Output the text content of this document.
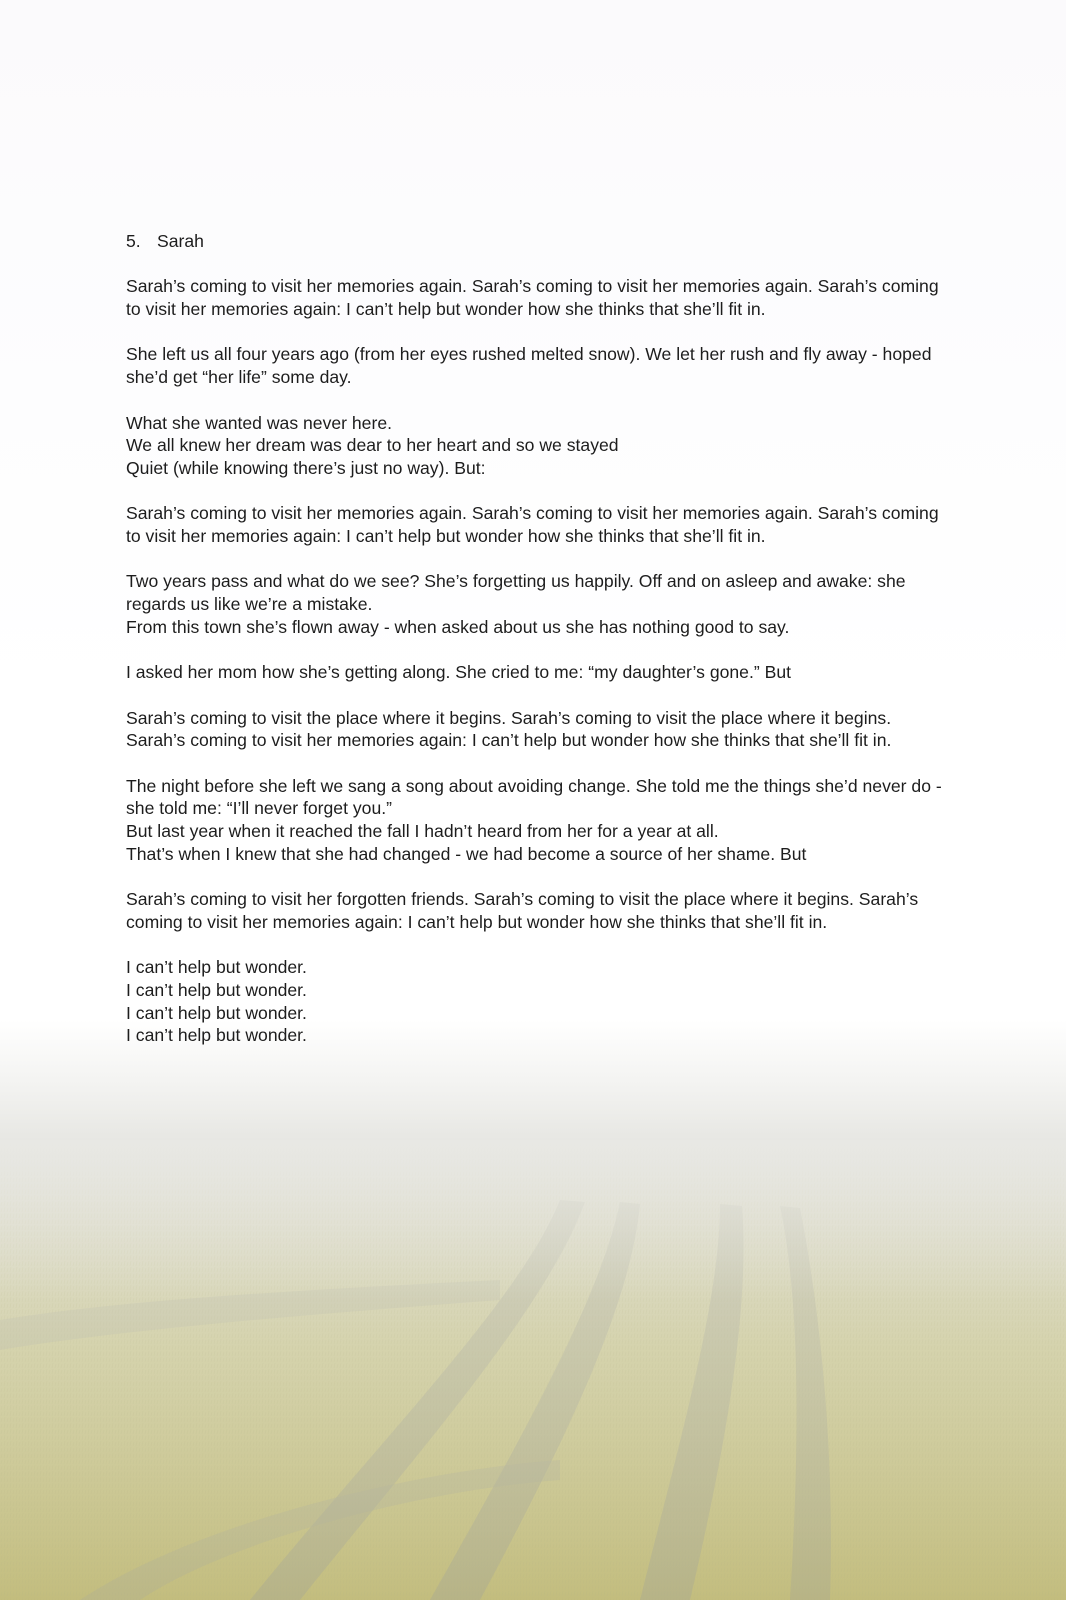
5. Sarah
Sarah’s coming to visit her memories again. Sarah’s coming to visit her memories again. Sarah’s coming to visit her memories again: I can’t help but wonder how she thinks that she’ll fit in.
She left us all four years ago (from her eyes rushed melted snow). We let her rush and fly away - hoped she’d get “her life” some day.
What she wanted was never here.
We all knew her dream was dear to her heart and so we stayed
Quiet (while knowing there’s just no way). But:
Sarah’s coming to visit her memories again. Sarah’s coming to visit her memories again. Sarah’s coming to visit her memories again: I can’t help but wonder how she thinks that she’ll fit in.
Two years pass and what do we see? She’s forgetting us happily. Off and on asleep and awake: she regards us like we’re a mistake.
From this town she’s flown away - when asked about us she has nothing good to say.
I asked her mom how she’s getting along. She cried to me: “my daughter’s gone.” But
Sarah’s coming to visit the place where it begins. Sarah’s coming to visit the place where it begins. Sarah’s coming to visit her memories again: I can’t help but wonder how she thinks that she’ll fit in.
The night before she left we sang a song about avoiding change. She told me the things she’d never do - she told me: “I’ll never forget you.”
But last year when it reached the fall I hadn’t heard from her for a year at all.
That’s when I knew that she had changed - we had become a source of her shame. But
Sarah’s coming to visit her forgotten friends. Sarah’s coming to visit the place where it begins. Sarah’s coming to visit her memories again: I can’t help but wonder how she thinks that she’ll fit in.
I can’t help but wonder.
I can’t help but wonder.
I can’t help but wonder.
I can’t help but wonder.
